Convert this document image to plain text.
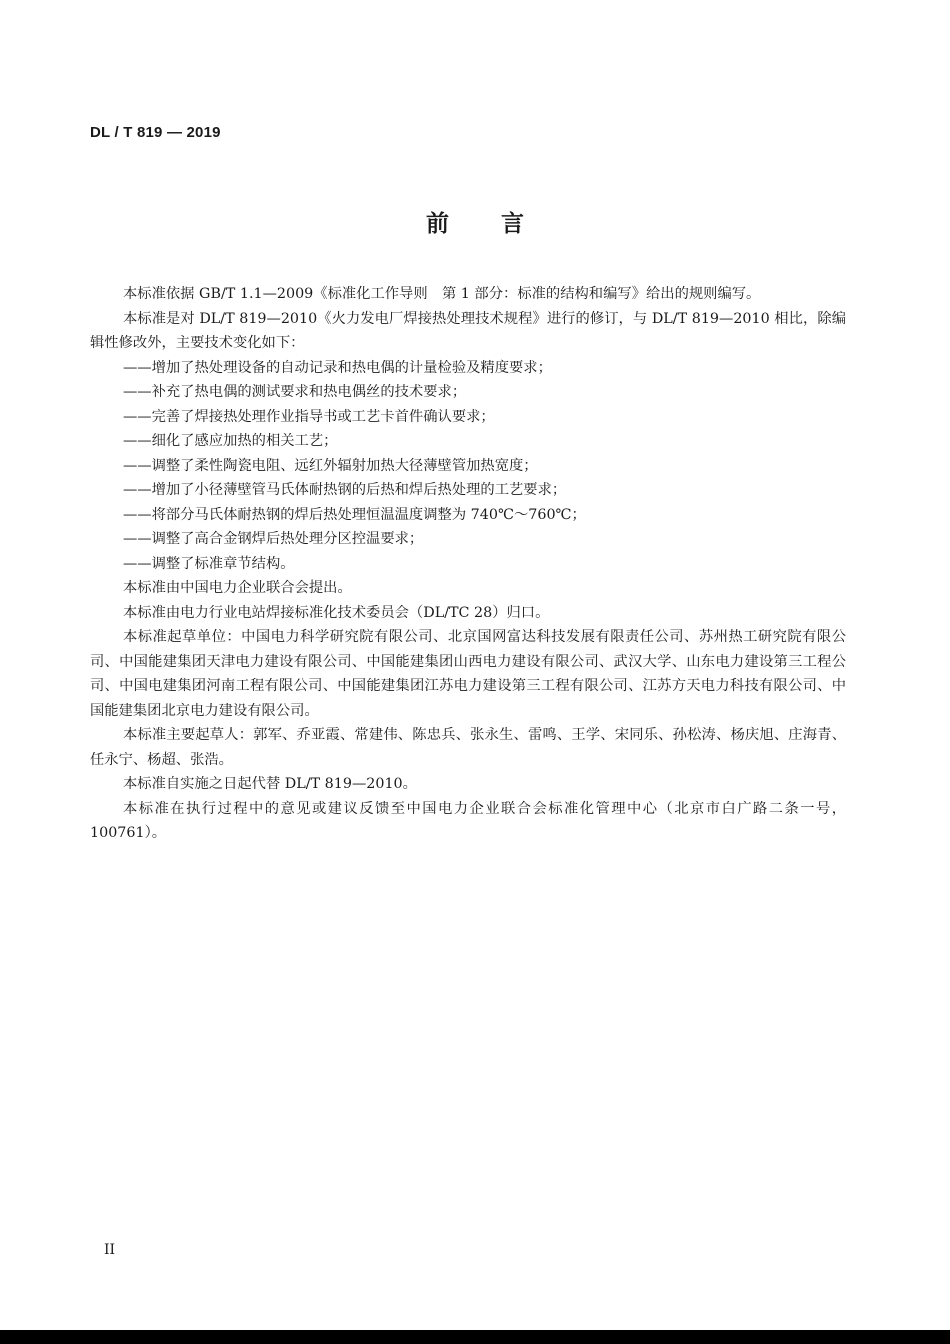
DL / T 819 — 2019
前 言

本标准依据 GB/T 1.1—2009《标准化工作导则　第 1 部分：标准的结构和编写》给出的规则编写。

本标准是对 DL/T 819—2010《火力发电厂焊接热处理技术规程》进行的修订，与 DL/T 819—2010 相比，除编辑性修改外，主要技术变化如下：

——增加了热处理设备的自动记录和热电偶的计量检验及精度要求；
——补充了热电偶的测试要求和热电偶丝的技术要求；
——完善了焊接热处理作业指导书或工艺卡首件确认要求；
——细化了感应加热的相关工艺；
——调整了柔性陶瓷电阻、远红外辐射加热大径薄壁管加热宽度；
——增加了小径薄壁管马氏体耐热钢的后热和焊后热处理的工艺要求；
——将部分马氏体耐热钢的焊后热处理恒温温度调整为 740℃～760℃；
——调整了高合金钢焊后热处理分区控温要求；
——调整了标准章节结构。

本标准由中国电力企业联合会提出。

本标准由电力行业电站焊接标准化技术委员会（DL/TC 28）归口。

本标准起草单位：中国电力科学研究院有限公司、北京国网富达科技发展有限责任公司、苏州热工研究院有限公司、中国能建集团天津电力建设有限公司、中国能建集团山西电力建设有限公司、武汉大学、山东电力建设第三工程公司、中国电建集团河南工程有限公司、中国能建集团江苏电力建设第三工程有限公司、江苏方天电力科技有限公司、中国能建集团北京电力建设有限公司。

本标准主要起草人：郭军、乔亚霞、常建伟、陈忠兵、张永生、雷鸣、王学、宋同乐、孙松涛、杨庆旭、庄海青、任永宁、杨超、张浩。

本标准自实施之日起代替 DL/T 819—2010。

本标准在执行过程中的意见或建议反馈至中国电力企业联合会标准化管理中心（北京市白广路二条一号，100761）。

II
